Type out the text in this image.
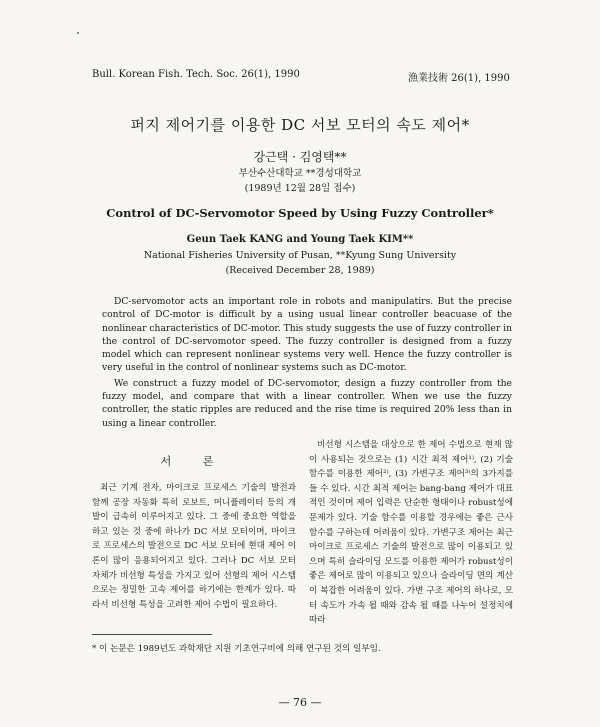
Bull. Korean Fish. Tech. Soc. 26(1), 1990	漁業技術 26(1), 1990
퍼지 제어기를 이용한 DC 서보 모터의 속도 제어*
강근택 · 김영택**
부산수산대학교 **경성대학교
(1989년 12월 28일 접수)
Control of DC-Servomotor Speed by Using Fuzzy Controller*
Geun Taek KANG and Young Taek KIM**
National Fisheries University of Pusan, **Kyung Sung University
(Received December 28, 1989)

DC-servomotor acts an important role in robots and manipulatirs. But the precise control of DC-motor is difficult by a using usual linear controller beacuase of the nonlinear characteristics of DC-motor. This study suggests the use of fuzzy controller in the control of DC-servomotor speed. The fuzzy controller is designed from a fuzzy model which can represent nonlinear systems very well. Hence the fuzzy controller is very useful in the control of nonlinear systems such as DC-motor.

We construct a fuzzy model of DC-servomotor, design a fuzzy controller from the fuzzy model, and compare that with a linear controller. When we use the fuzzy controller, the static ripples are reduced and the rise time is required 20% less than in using a linear controller.

서 론

최근 기계 전자, 마이크로 프로세스 기술의 발전과 함께 공장 자동화 특히 로보트, 머니퓰레이터 등의 개발이 급속히 이루어지고 있다. 그 중에 중요한 역할을 하고 있는 것 중에 하나가 DC 서보 모터이며, 마이크로 프로세스의 발전으로 DC 서보 모터에 현대 제어 이론이 많이 응용되어지고 있다. 그러나 DC 서보 모터 자체가 비선형 특성을 가지고 있어 선형의 제어 시스템으로는 정밀한 고속 제어를 하기에는 한계가 있다. 따라서 비선형 특성을 고려한 제어 수법이 필요하다.

비선형 시스템을 대상으로 한 제어 수법으로 현재 많이 사용되는 것으로는 (1) 시간 최적 제어¹⁾, (2) 기술 함수를 이용한 제어²⁾, (3) 가변구조 제어³⁾의 3가지를 들 수 있다. 시간 최적 제어는 bang-bang 제어가 대표적인 것이며 제어 입력은 단순한 형태이나 robust성에 문제가 있다. 기술 함수를 이용할 경우에는 좋은 근사 함수를 구하는데 어려움이 있다. 가변구조 제어는 최근 마이크로 프로세스 기술의 발전으로 많이 이용되고 있으며 특히 슬라이딩 모드를 이용한 제어가 robust성이 좋은 제어로 많이 이용되고 있으나 슬라이딩 면의 계산이 복잡한 어려움이 있다. 가변 구조 제어의 하나로, 모터 속도가 가속 될 때와 감속 될 때를 나누어 설정치에 따라

* 이 논문은 1989년도 과학재단 지원 기초연구비에 의해 연구된 것의 일부임.
— 76 —
